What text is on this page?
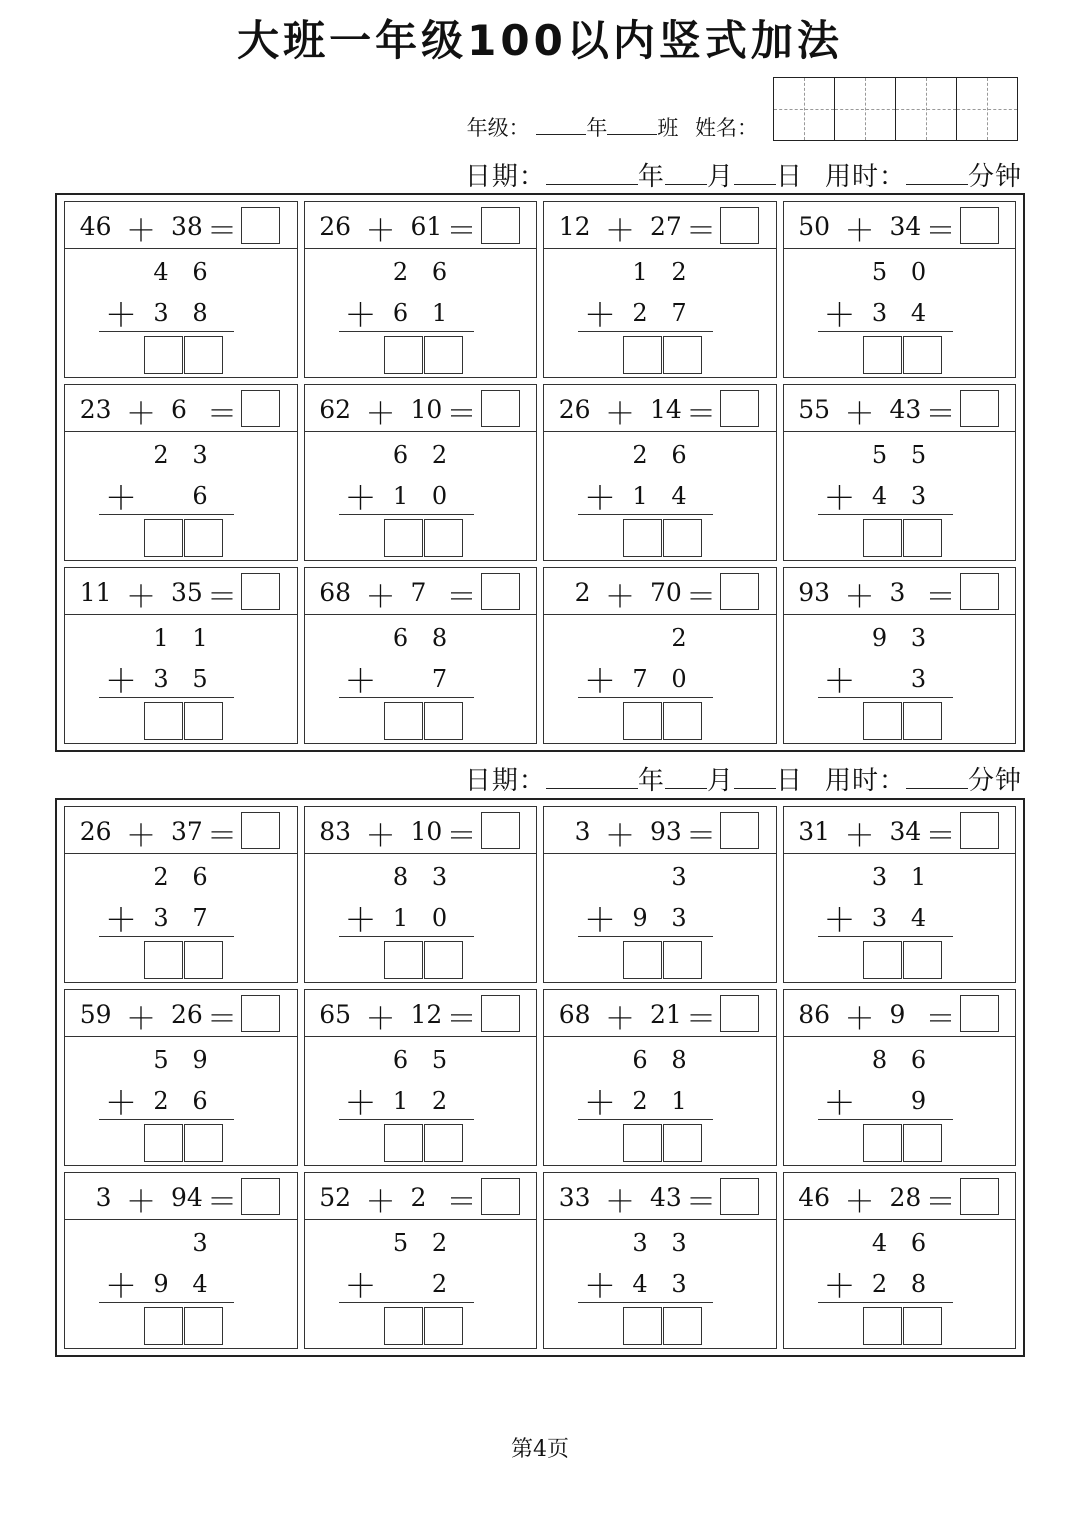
大班一年级100以内竖式加法
年级：	年 班 姓名：
日期：	年 月 日 用时： 分钟
46 ＋ 38 ＝
4 6
＋ 3 8
26 ＋ 61 ＝
2 6
＋ 6 1
12 ＋ 27 ＝
1 2
＋ 2 7
50 ＋ 34 ＝
5 0
＋ 3 4
23 ＋ 6 ＝
2 3
＋ 6
62 ＋ 10 ＝
6 2
＋ 1 0
26 ＋ 14 ＝
2 6
＋ 1 4
55 ＋ 43 ＝
5 5
＋ 4 3
11 ＋ 35 ＝
1 1
＋ 3 5
68 ＋ 7 ＝
6 8
＋ 7
2 ＋ 70 ＝
2
＋ 7 0
93 ＋ 3 ＝
9 3
＋ 3
日期：	年 月 日 用时： 分钟
26 ＋ 37 ＝
2 6
＋ 3 7
83 ＋ 10 ＝
8 3
＋ 1 0
3 ＋ 93 ＝
3
＋ 9 3
31 ＋ 34 ＝
3 1
＋ 3 4
59 ＋ 26 ＝
5 9
＋ 2 6
65 ＋ 12 ＝
6 5
＋ 1 2
68 ＋ 21 ＝
6 8
＋ 2 1
86 ＋ 9 ＝
8 6
＋ 9
3 ＋ 94 ＝
3
＋ 9 4
52 ＋ 2 ＝
5 2
＋ 2
33 ＋ 43 ＝
3 3
＋ 4 3
46 ＋ 28 ＝
4 6
＋ 2 8
第4页
